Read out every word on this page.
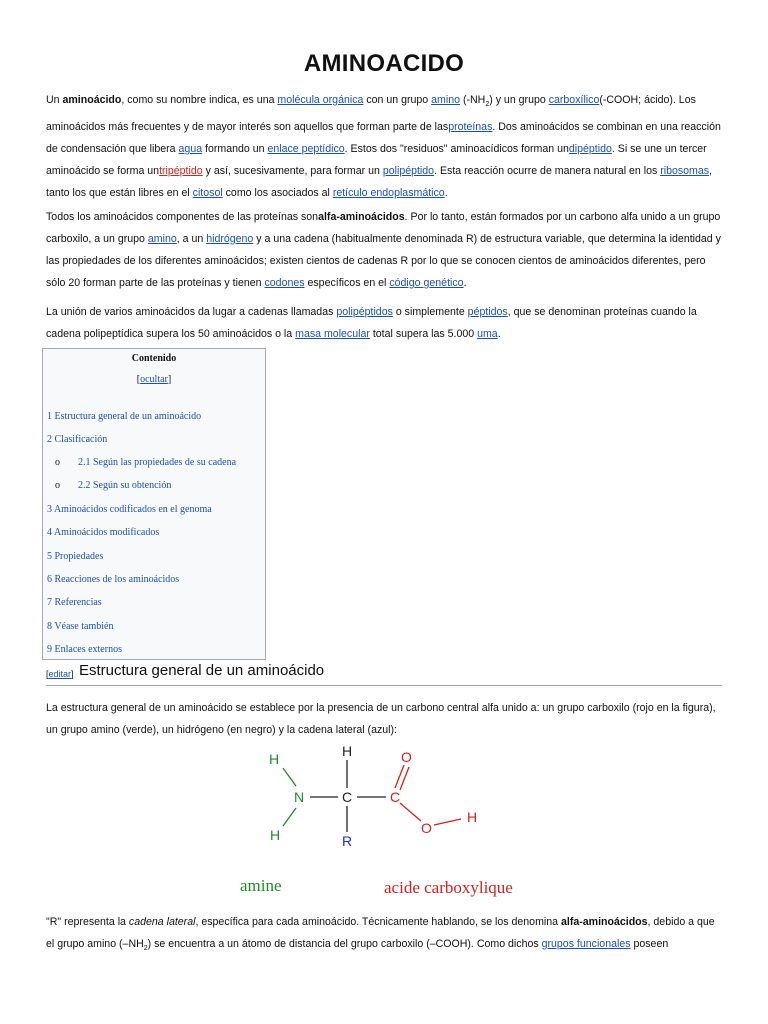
AMINOACIDO

Un aminoácido, como su nombre indica, es una molécula orgánica con un grupo amino $(-NH_2)$ y un grupo carboxílico(-COOH; ácido). Los aminoácidos más frecuentes y de mayor interés son aquellos que forman parte de lasproteínas. Dos aminoácidos se combinan en una reacción de condensación que libera agua formando un enlace peptídico. Estos dos "residuos" aminoacídicos forman undipéptido. Si se une un tercer aminoácido se forma untripéptido y así, sucesivamente, para formar un polipéptido. Esta reacción ocurre de manera natural en los ribosomas, tanto los que están libres en el citosol como los asociados al retículo endoplasmático.

Todos los aminoácidos componentes de las proteínas sonalfa-aminoácidos. Por lo tanto, están formados por un carbono alfa unido a un grupo carboxilo, a un grupo amino, a un hidrógeno y a una cadena (habitualmente denominada R) de estructura variable, que determina la identidad y las propiedades de los diferentes aminoácidos; existen cientos de cadenas R por lo que se conocen cientos de aminoácidos diferentes, pero sólo 20 forman parte de las proteínas y tienen codones específicos en el código genético.

La unión de varios aminoácidos da lugar a cadenas llamadas polipéptidos o simplemente péptidos, que se denominan proteínas cuando la cadena polipeptídica supera los 50 aminoácidos o la masa molecular total supera las 5.000 uma.

Contenido
[ocultar]
1 Estructura general de un aminoácido
2 Clasificación
o 2.1 Según las propiedades de su cadena
o 2.2 Según su obtención
3 Aminoácidos codificados en el genoma
4 Aminoácidos modificados
5 Propiedades
6 Reacciones de los aminoácidos
7 Referencias
8 Véase también
9 Enlaces externos
[editar] Estructura general de un aminoácido

La estructura general de un aminoácido se establece por la presencia de un carbono central alfa unido a: un grupo carboxilo (rojo en la figura), un grupo amino (verde), un hidrógeno (en negro) y la cadena lateral (azul):

H
N
H
H
C
R
C
O
O
H
amine	acide carboxylique

"R" representa la cadena lateral, específica para cada aminoácido. Técnicamente hablando, se los denomina alfa-aminoácidos, debido a que el grupo amino $(-NH_2)$ se encuentra a un átomo de distancia del grupo carboxilo (–COOH). Como dichos grupos funcionales poseen
